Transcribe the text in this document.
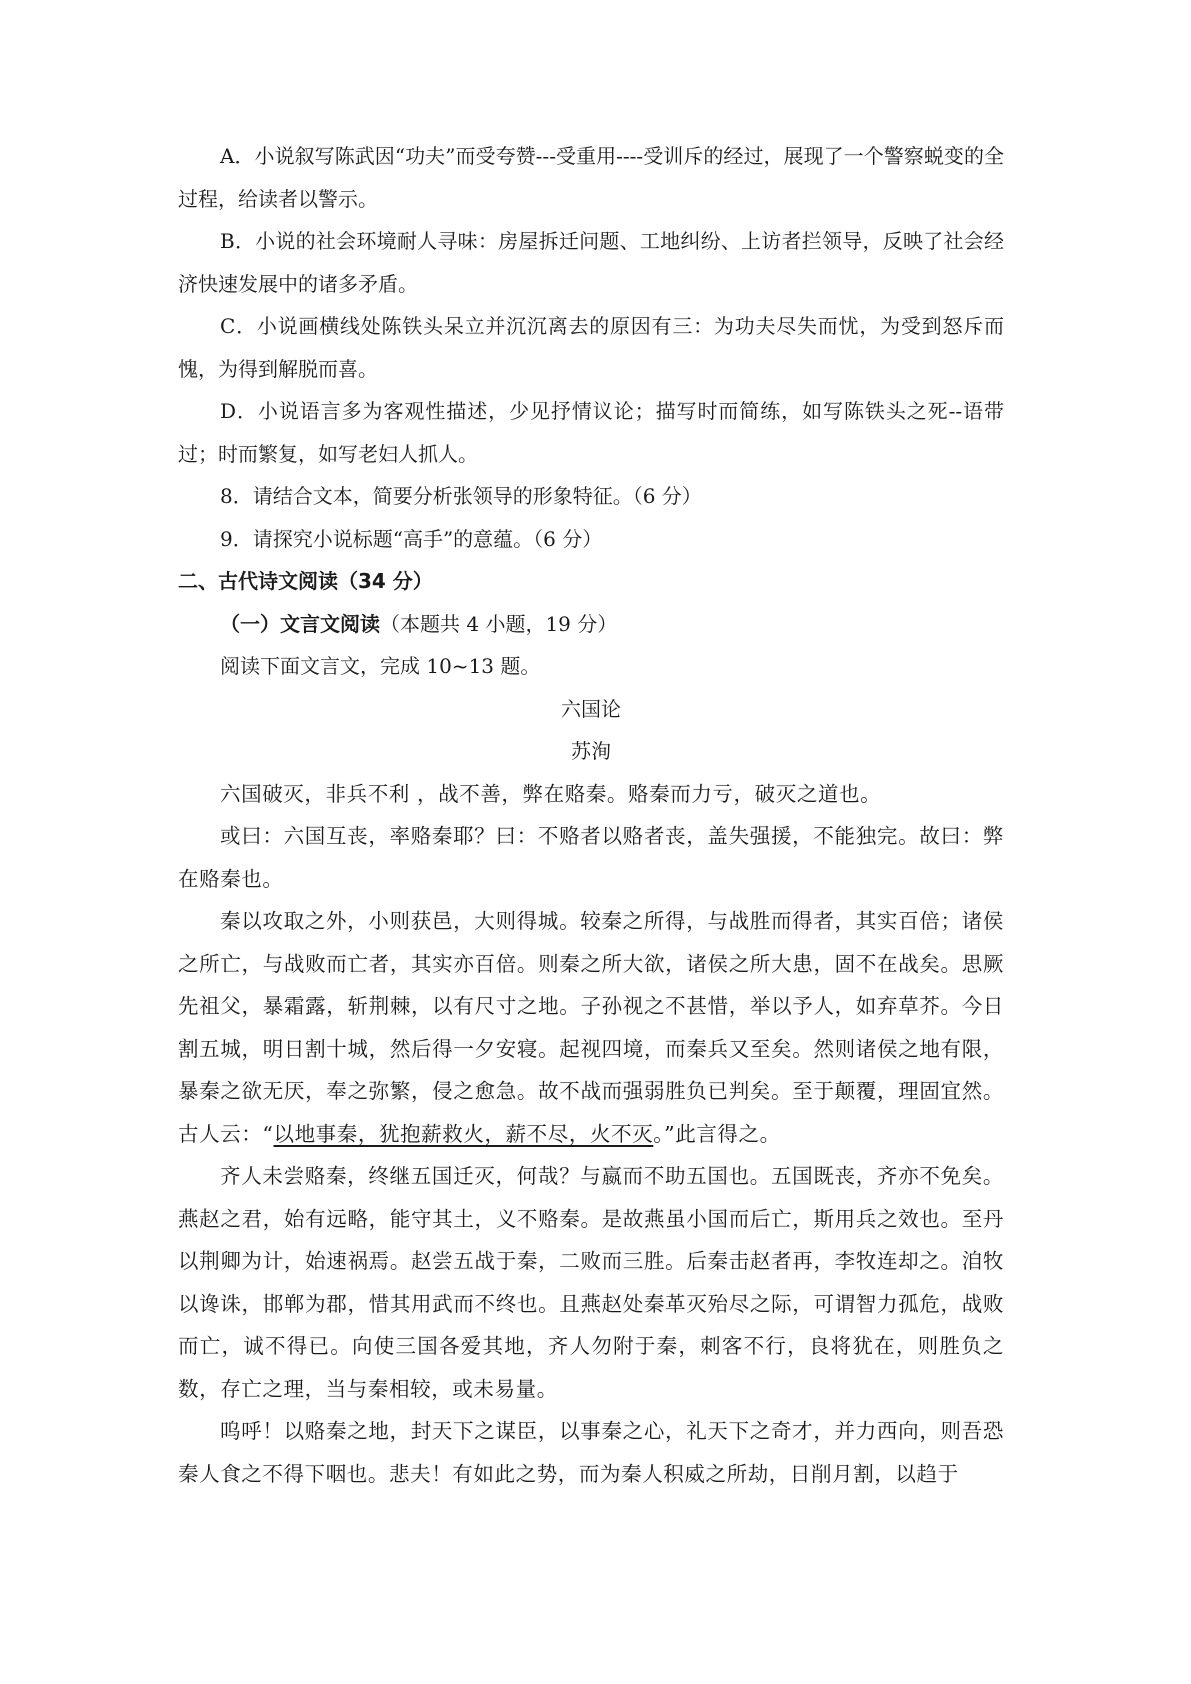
A．小说叙写陈武因“功夫”而受夸赞---受重用----受训斥的经过，展现了一个警察蜕变的全过程，给读者以警示。

B．小说的社会环境耐人寻味：房屋拆迁问题、工地纠纷、上访者拦领导，反映了社会经济快速发展中的诸多矛盾。

C．小说画横线处陈铁头呆立并沉沉离去的原因有三：为功夫尽失而忧，为受到怒斥而愧，为得到解脱而喜。

D．小说语言多为客观性描述，少见抒情议论；描写时而简练，如写陈铁头之死--语带过；时而繁复，如写老妇人抓人。

8．请结合文本，简要分析张领导的形象特征。（6 分）

9．请探究小说标题“高手”的意蕴。（6 分）

二、古代诗文阅读（34 分）

（一）文言文阅读（本题共 4 小题，19 分）

阅读下面文言文，完成 10~13 题。

六国论

苏洵

六国破灭，非兵不利 ，战不善，弊在赂秦。赂秦而力亏，破灭之道也。

或曰：六国互丧，率赂秦耶？曰：不赂者以赂者丧，盖失强援，不能独完。故曰：弊在赂秦也。

秦以攻取之外，小则获邑，大则得城。较秦之所得，与战胜而得者，其实百倍；诸侯之所亡，与战败而亡者，其实亦百倍。则秦之所大欲，诸侯之所大患，固不在战矣。思厥先祖父，暴霜露，斩荆棘，以有尺寸之地。子孙视之不甚惜，举以予人，如弃草芥。今日割五城，明日割十城，然后得一夕安寝。起视四境，而秦兵又至矣。然则诸侯之地有限，暴秦之欲无厌，奉之弥繁，侵之愈急。故不战而强弱胜负已判矣。至于颠覆，理固宜然。古人云：“以地事秦，犹抱薪救火，薪不尽，火不灭。”此言得之。

齐人未尝赂秦，终继五国迁灭，何哉？与嬴而不助五国也。五国既丧，齐亦不免矣。燕赵之君，始有远略，能守其土，义不赂秦。是故燕虽小国而后亡，斯用兵之效也。至丹以荆卿为计，始速祸焉。赵尝五战于秦，二败而三胜。后秦击赵者再，李牧连却之。洎牧以谗诛，邯郸为郡，惜其用武而不终也。且燕赵处秦革灭殆尽之际，可谓智力孤危，战败而亡，诚不得已。向使三国各爱其地，齐人勿附于秦，刺客不行，良将犹在，则胜负之数，存亡之理，当与秦相较，或未易量。

呜呼！以赂秦之地，封天下之谋臣，以事秦之心，礼天下之奇才，并力西向，则吾恐秦人食之不得下咽也。悲夫！有如此之势，而为秦人积威之所劫，日削月割，以趋于
